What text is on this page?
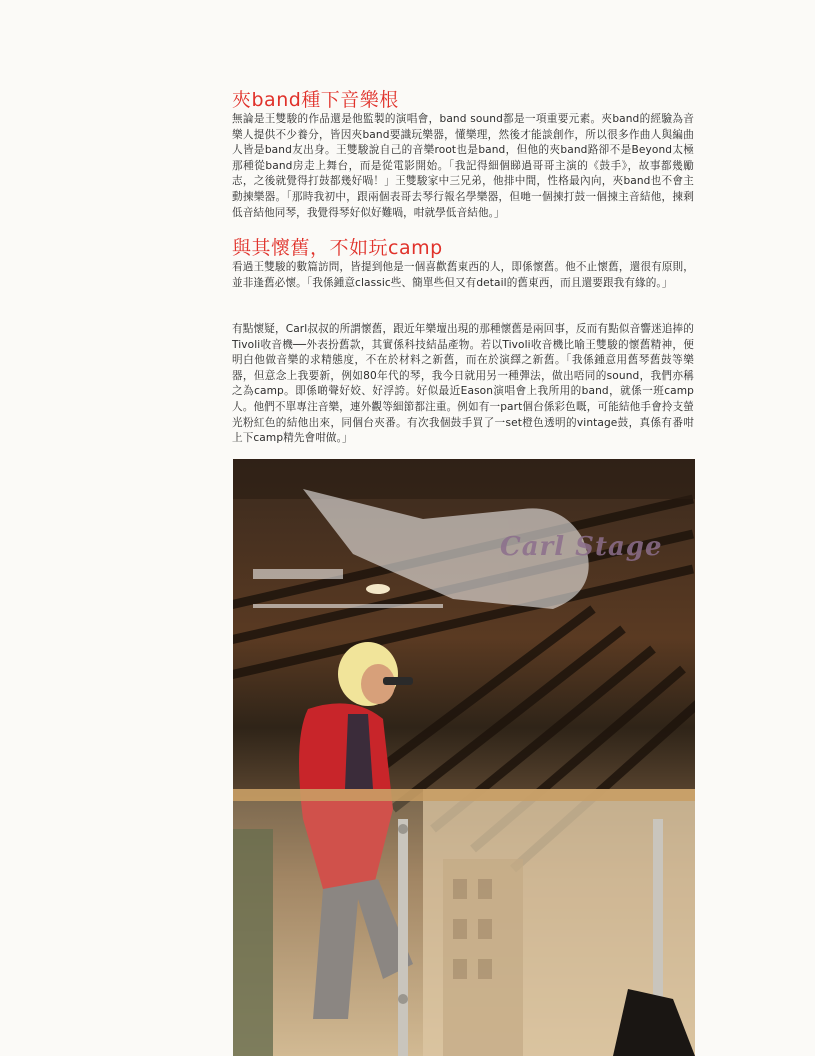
夾band種下音樂根

無論是王雙駿的作品還是他監製的演唱會，band sound都是一項重要元素。夾band的經驗為音樂人提供不少養分，皆因夾band要識玩樂器，懂樂理，然後才能談創作，所以很多作曲人與編曲人皆是band友出身。王雙駿說自己的音樂root也是band，但他的夾band路卻不是Beyond太極那種從band房走上舞台，而是從電影開始。「我記得細個睇過哥哥主演的《鼓手》，故事都幾勵志，之後就覺得打鼓都幾好喎！」王雙駿家中三兄弟，他排中間，性格最內向，夾band也不會主動揀樂器。「那時我初中，跟兩個表哥去琴行報名學樂器，但哋一個揀打鼓一個揀主音結他，揀剩低音結他同琴，我覺得琴好似好難喎，咁就學低音結他。」

與其懷舊，不如玩camp

看過王雙駿的數篇訪問，皆提到他是一個喜歡舊東西的人，即係懷舊。他不止懷舊，還很有原則，並非逢舊必懷。「我係鍾意classic些、簡單些但又有detail的舊東西，而且還要跟我有緣的。」

有點懷疑，Carl叔叔的所謂懷舊，跟近年樂壇出現的那種懷舊是兩回事，反而有點似音響迷追捧的Tivoli收音機──外表扮舊款，其實係科技結晶產物。若以Tivoli收音機比喻王雙駿的懷舊精神，便明白他做音樂的求精態度，不在於材料之新舊，而在於演繹之新舊。「我係鍾意用舊琴舊鼓等樂器，但意念上我要新，例如80年代的琴，我今日就用另一種彈法，做出唔同的sound，我們亦稱之為camp。即係啲聲好姣、好浮誇。好似最近Eason演唱會上我所用的band，就係一班camp人。他們不單專注音樂，連外觀等細節都注重。例如有一part個台係彩色嘅，可能結他手會拎支螢光粉紅色的結他出來，同個台夾番。有次我個鼓手買了一set橙色透明的vintage鼓，真係有番咁上下camp精先會咁做。」

Carl Stage
